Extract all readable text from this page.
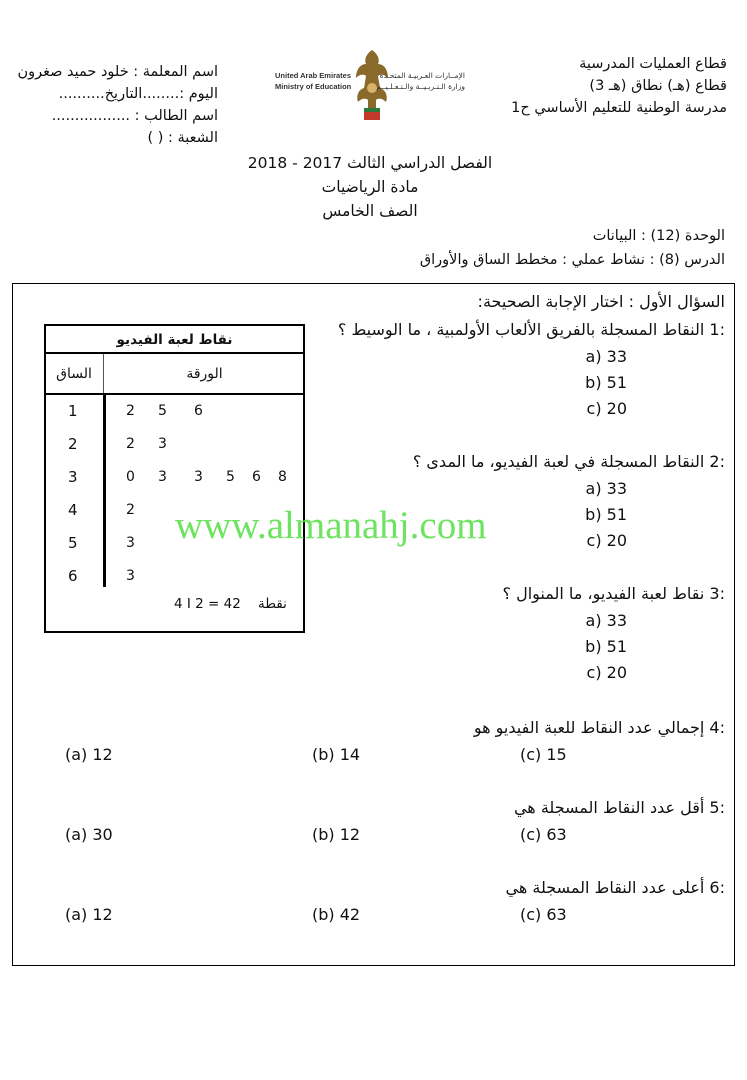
قطاع العمليات المدرسية
قطاع (هـ) نطاق (هـ 3)
مدرسة الوطنية للتعليم الأساسي ح1
اسم المعلمة : خلود حميد صغرون
اليوم :........التاريخ..........
اسم الطالب : .................
الشعبة : ( )
United Arab Emirates
Ministry of Education
الإمــارات العـربيـة المتحـدة
وزارة الـتـربـيــة والـتـعـلـيــم
الفصل الدراسي الثالث 2017 - 2018
مادة الرياضيات
الصف الخامس
الوحدة (12) : البيانات
الدرس (8) : نشاط عملي : مخطط الساق والأوراق
السؤال الأول : اختار الإجابة الصحيحة:
:1 النقاط المسجلة بالفريق الألعاب الأولمبية ، ما الوسيط ؟
33 (a
51 (b
20 (c
:2 النقاط المسجلة في لعبة الفيديو، ما المدى ؟
33 (a
51 (b
20 (c
:3 نقاط لعبة الفيديو، ما المنوال ؟
33 (a
51 (b
20 (c
:4 إجمالي عدد النقاط للعبة الفيديو هو
(a) 12	(b) 14	(c) 15
:5 أقل عدد النقاط المسجلة هي
(a) 30	(b) 12	(c) 63
:6 أعلى عدد النقاط المسجلة هي
(a) 12	(b) 42	(c) 63
نقاط لعبة الفيديو
الساق	الورقة
1	2 5 6
2	2 3
3	0 3 3 5 6 8
4	2
5	3
6	3
4 I 2 = 42 نقطة
www.almanahj.com
